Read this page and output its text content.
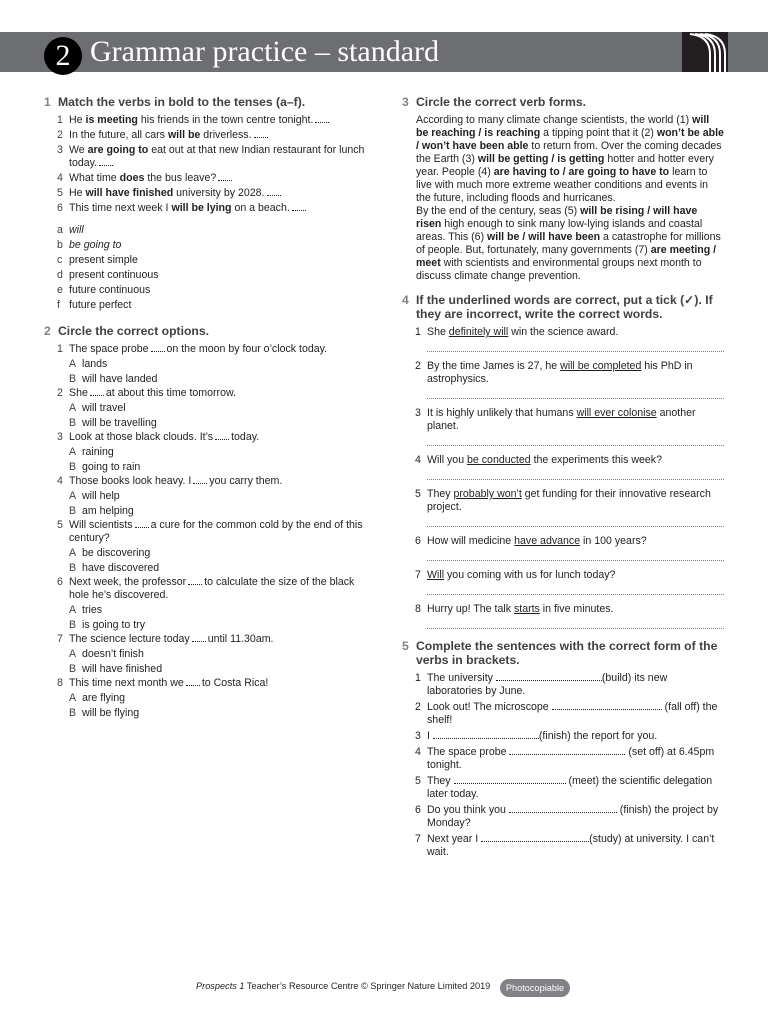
2 Grammar practice – standard
1 Match the verbs in bold to the tenses (a–f).
1 He is meeting his friends in the town centre tonight.
2 In the future, all cars will be driverless.
3 We are going to eat out at that new Indian restaurant for lunch today.
4 What time does the bus leave?
5 He will have finished university by 2028.
6 This time next week I will be lying on a beach.
a will
b be going to
c present simple
d present continuous
e future continuous
f future perfect
2 Circle the correct options.
1 The space probe on the moon by four o’clock today.
A lands
B will have landed
2 She at about this time tomorrow.
A will travel
B will be travelling
3 Look at those black clouds. It’s today.
A raining
B going to rain
4 Those books look heavy. I you carry them.
A will help
B am helping
5 Will scientists a cure for the common cold by the end of this century?
A be discovering
B have discovered
6 Next week, the professor to calculate the size of the black hole he’s discovered.
A tries
B is going to try
7 The science lecture today until 11.30am.
A doesn’t finish
B will have finished
8 This time next month we to Costa Rica!
A are flying
B will be flying
3 Circle the correct verb forms.
According to many climate change scientists, the world (1) will be reaching / is reaching a tipping point that it (2) won’t be able / won’t have been able to return from. Over the coming decades the Earth (3) will be getting / is getting hotter and hotter every year. People (4) are having to / are going to have to learn to live with much more extreme weather conditions and events in the future, including floods and hurricanes.
By the end of the century, seas (5) will be rising / will have risen high enough to sink many low-lying islands and coastal areas. This (6) will be / will have been a catastrophe for millions of people. But, fortunately, many governments (7) are meeting / meet with scientists and environmental groups next month to discuss climate change prevention.
4 If the underlined words are correct, put a tick (✓). If they are incorrect, write the correct words.
1 She definitely will win the science award.
2 By the time James is 27, he will be completed his PhD in astrophysics.
3 It is highly unlikely that humans will ever colonise another planet.
4 Will you be conducted the experiments this week?
5 They probably won’t get funding for their innovative research project.
6 How will medicine have advance in 100 years?
7 Will you coming with us for lunch today?
8 Hurry up! The talk starts in five minutes.
5 Complete the sentences with the correct form of the verbs in brackets.
1 The university	(build) its new laboratories by June.
2 Look out! The microscope	(fall off) the shelf!
3 I	(finish) the report for you.
4 The space probe	(set off) at 6.45pm tonight.
5 They	(meet) the scientific delegation later today.
6 Do you think you	(finish) the project by Monday?
7 Next year I	(study) at university. I can’t wait.
Prospects 1 Teacher’s Resource Centre © Springer Nature Limited 2019	Photocopiable
